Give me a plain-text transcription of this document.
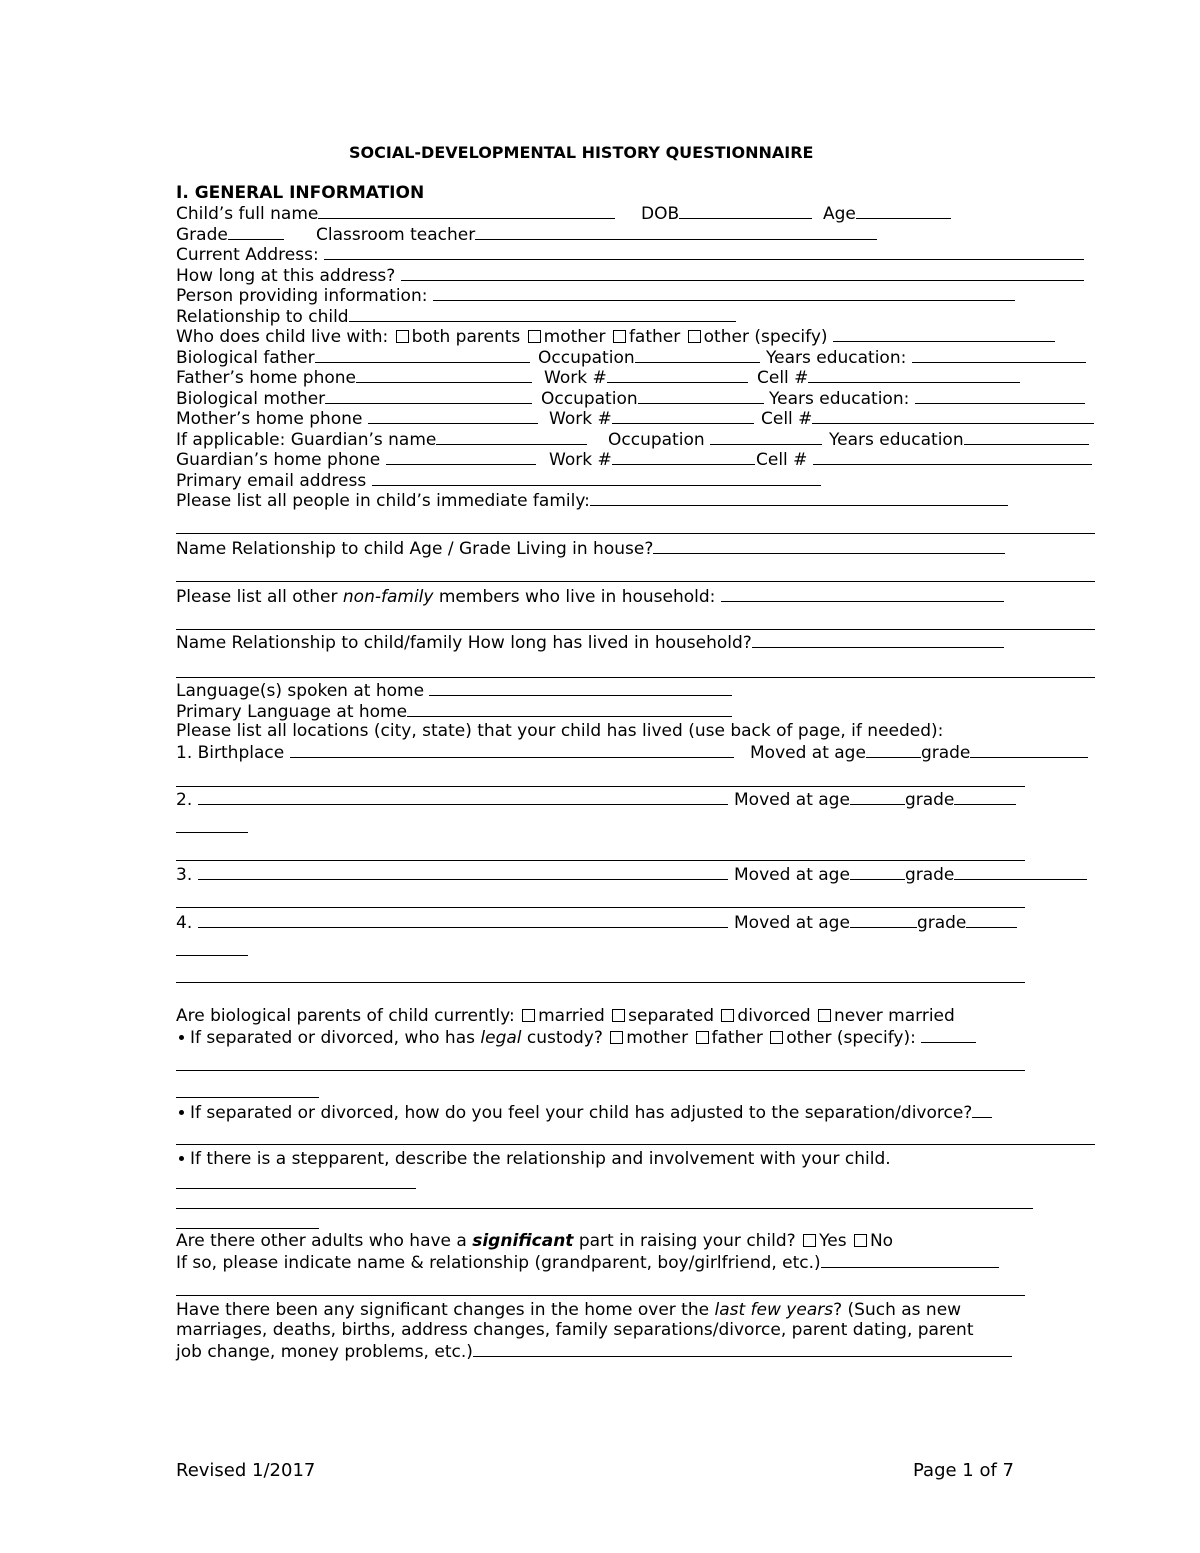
SOCIAL-DEVELOPMENTAL HISTORY QUESTIONNAIRE
I. GENERAL INFORMATION
Child’s full name	DOB	Age
Grade	Classroom teacher
Current Address:
How long at this address?
Person providing information:
Relationship to child
Who does child live with: both parents mother father other (specify)
Biological father	Occupation	Years education:
Father’s home phone	Work #	Cell #
Biological mother	Occupation	Years education:
Mother’s home phone	Work #	Cell #
If applicable: Guardian’s name	Occupation	Years education
Guardian’s home phone	Work #	Cell #
Primary email address
Please list all people in child’s immediate family:
Name Relationship to child Age / Grade Living in house?
Please list all other non-family members who live in household:
Name Relationship to child/family How long has lived in household?
Language(s) spoken at home
Primary Language at home
Please list all locations (city, state) that your child has lived (use back of page, if needed):
1. Birthplace	Moved at age	grade
2.	Moved at age	grade
3.	Moved at age	grade
4.	Moved at age	grade
Are biological parents of child currently: married separated divorced never married
If separated or divorced, who has legal custody? mother father other (specify):
If separated or divorced, how do you feel your child has adjusted to the separation/divorce?
If there is a stepparent, describe the relationship and involvement with your child.
Are there other adults who have a significant part in raising your child? Yes No
If so, please indicate name & relationship (grandparent, boy/girlfriend, etc.)
Have there been any significant changes in the home over the last few years? (Such as new
marriages, deaths, births, address changes, family separations/divorce, parent dating, parent
job change, money problems, etc.)
Revised 1/2017	Page 1 of 7
